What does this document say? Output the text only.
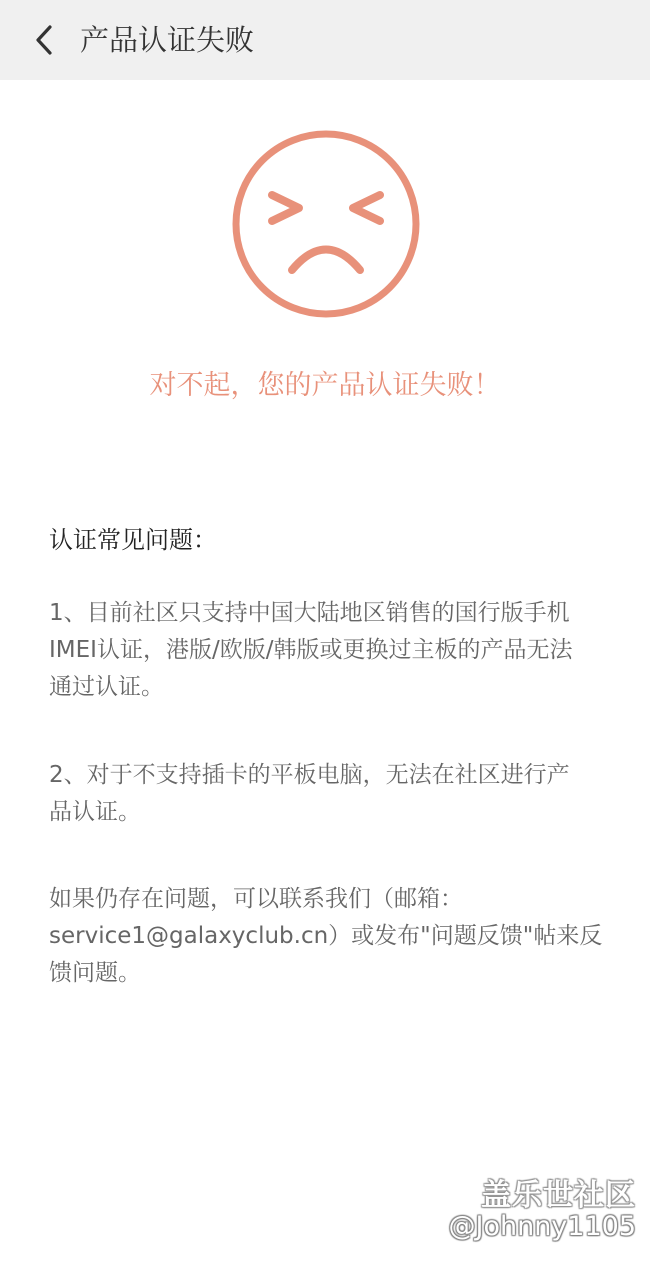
产品认证失败
对不起，您的产品认证失败！
认证常见问题：

1、目前社区只支持中国大陆地区销售的国行版手机
IMEI认证，港版/欧版/韩版或更换过主板的产品无法
通过认证。

2、对于不支持插卡的平板电脑，无法在社区进行产
品认证。

如果仍存在问题，可以联系我们（邮箱：
service1@galaxyclub.cn）或发布"问题反馈"帖来反
馈问题。

盖乐世社区
@Johnny1105
